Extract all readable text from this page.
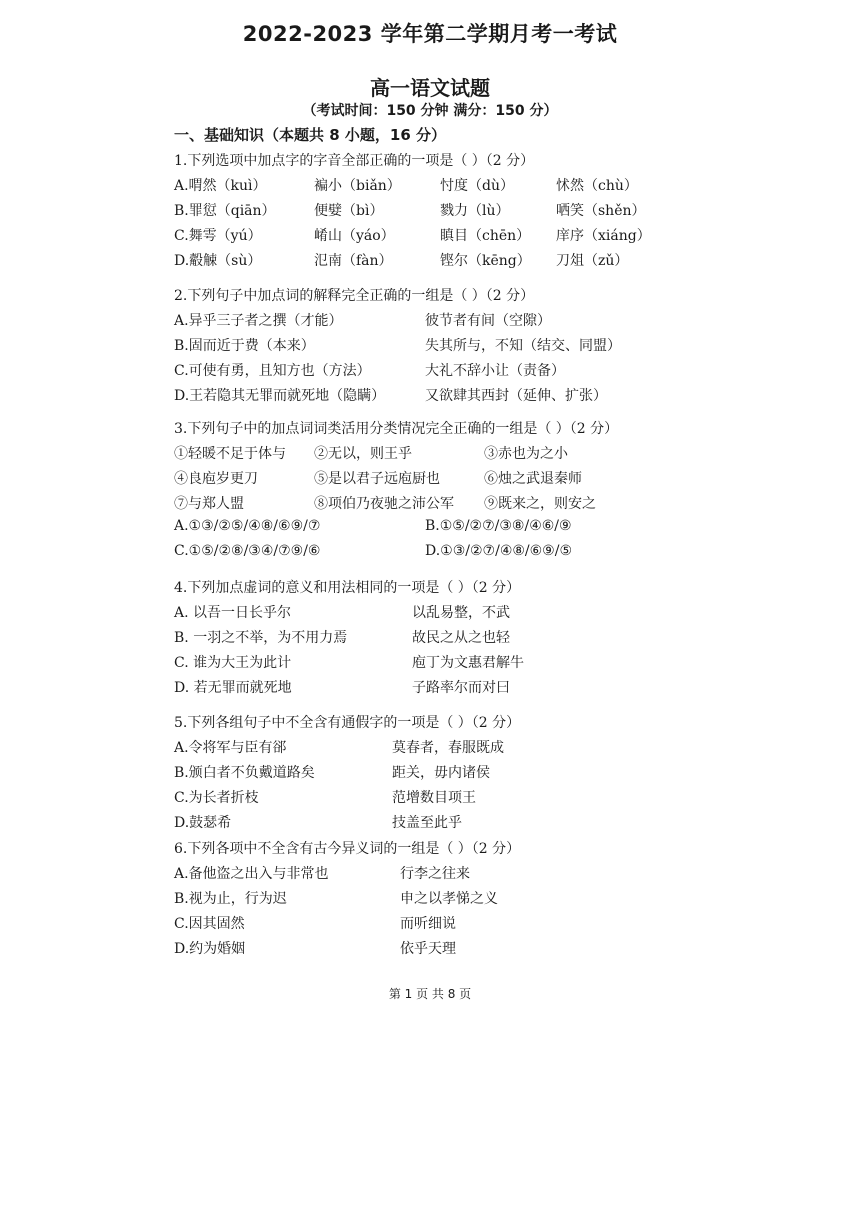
2022-2023 学年第二学期月考一考试
高一语文试题
（考试时间：150 分钟 满分：150 分）
一、基础知识（本题共 8 小题，16 分）
1.下列选项中加点字的字音全部正确的一项是（ ）（2 分）
A.喟然（kuì）	褊小（biǎn）	忖度（dù）	怵然（chù）
B.罪愆（qiān）	便嬖（bì）	戮力（lù）	哂笑（shěn）
C.舞雩（yú）	崤山（yáo）	瞋目（chēn） 庠序（xiáng）
D.觳觫（sù）	氾南（fàn）	铿尔（kēng） 刀俎（zǔ）
2.下列句子中加点词的解释完全正确的一组是（ ）（2 分）
A.异乎三子者之撰（才能）	彼节者有间（空隙）
B.固而近于费（本来）	失其所与，不知（结交、同盟）
C.可使有勇，且知方也（方法）	大礼不辞小让（责备）
D.王若隐其无罪而就死地（隐瞒）	又欲肆其西封（延伸、扩张）
3.下列句子中的加点词词类活用分类情况完全正确的一组是（ ）（2 分）
①轻暖不足于体与 ②无以，则王乎	③赤也为之小
④良庖岁更刀	⑤是以君子远庖厨也	⑥烛之武退秦师
⑦与郑人盟	⑧项伯乃夜驰之沛公军 ⑨既来之，则安之
A.①③/②⑤/④⑧/⑥⑨/⑦	B.①⑤/②⑦/③⑧/④⑥/⑨
C.①⑤/②⑧/③④/⑦⑨/⑥	D.①③/②⑦/④⑧/⑥⑨/⑤
4.下列加点虚词的意义和用法相同的一项是（ ）（2 分）
A. 以吾一日长乎尔	以乱易整，不武
B. 一羽之不举，为不用力焉	故民之从之也轻
C. 谁为大王为此计	庖丁为文惠君解牛
D. 若无罪而就死地	子路率尔而对曰
5.下列各组句子中不全含有通假字的一项是（ ）（2 分）
A.令将军与臣有郤	莫春者，春服既成
B.颁白者不负戴道路矣	距关，毋内诸侯
C.为长者折枝	范增数目项王
D.鼓瑟希	技盖至此乎
6.下列各项中不全含有古今异义词的一组是（ ）（2 分）
A.备他盗之出入与非常也	行李之往来
B.视为止，行为迟	申之以孝悌之义
C.因其固然	而听细说
D.约为婚姻	依乎天理
第 1 页 共 8 页
